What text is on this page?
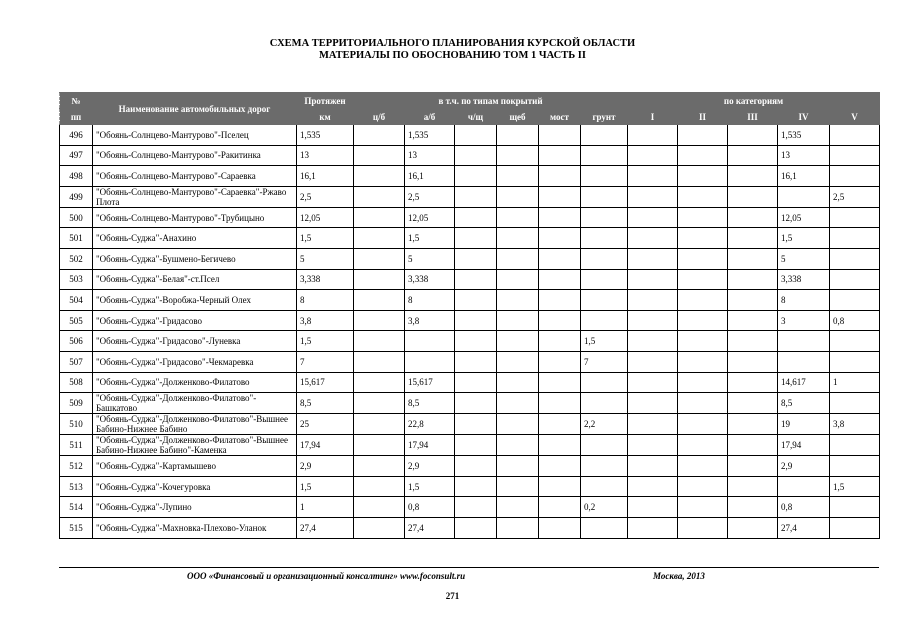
СХЕМА ТЕРРИТОРИАЛЬНОГО ПЛАНИРОВАНИЯ КУРСКОЙ ОБЛАСТИ
МАТЕРИАЛЫ ПО ОБОСНОВАНИЮ ТОМ 1 ЧАСТЬ II
№	Наименование автомобильных дорог	Протяжен	в т.ч. по типам покрытий						по категориям				
пп		км	ц/б	а/б	ч/щ	щеб	мост	грунт	I	II	III	IV	V
496	"Обоянь-Солнцево-Мантурово"-Пселец	1,535		1,535								1,535	
497	"Обоянь-Солнцево-Мантурово"-Ракитинка	13		13								13	
498	"Обоянь-Солнцево-Мантурово"-Сараевка	16,1		16,1								16,1	
499	"Обоянь-Солнцево-Мантурово"-Сараевка"-Ржаво Плота	2,5		2,5									2,5
500	"Обоянь-Солнцево-Мантурово"-Трубицыно	12,05		12,05								12,05	
501	"Обоянь-Суджа"-Анахино	1,5		1,5								1,5	
502	"Обоянь-Суджа"-Бушмено-Бегичево	5		5								5	
503	"Обоянь-Суджа"-Белая"-ст.Псел	3,338		3,338								3,338	
504	"Обоянь-Суджа"-Воробжа-Черный Олех	8		8								8	
505	"Обоянь-Суджа"-Гридасово	3,8		3,8								3	0,8
506	"Обоянь-Суджа"-Гридасово"-Луневка	1,5						1,5					
507	"Обоянь-Суджа"-Гридасово"-Чекмаревка	7						7					
508	"Обоянь-Суджа"-Долженково-Филатово	15,617		15,617								14,617	1
509	"Обоянь-Суджа"-Долженково-Филатово"-Башкатово	8,5		8,5								8,5	
510	"Обоянь-Суджа"-Долженково-Филатово"-Вышнее Бабино-Нижнее Бабино	25		22,8				2,2				19	3,8
511	"Обоянь-Суджа"-Долженково-Филатово"-Вышнее Бабино-Нижнее Бабино"-Каменка	17,94		17,94								17,94	
512	"Обоянь-Суджа"-Картамышево	2,9		2,9								2,9	
513	"Обоянь-Суджа"-Кочегуровка	1,5		1,5									1,5
514	"Обоянь-Суджа"-Лупино	1		0,8				0,2				0,8	
515	"Обоянь-Суджа"-Махновка-Плехово-Уланок	27,4		27,4								27,4	
ООО «Финансовый и организационный консалтинг» www.foconsult.ru	Москва, 2013
271
